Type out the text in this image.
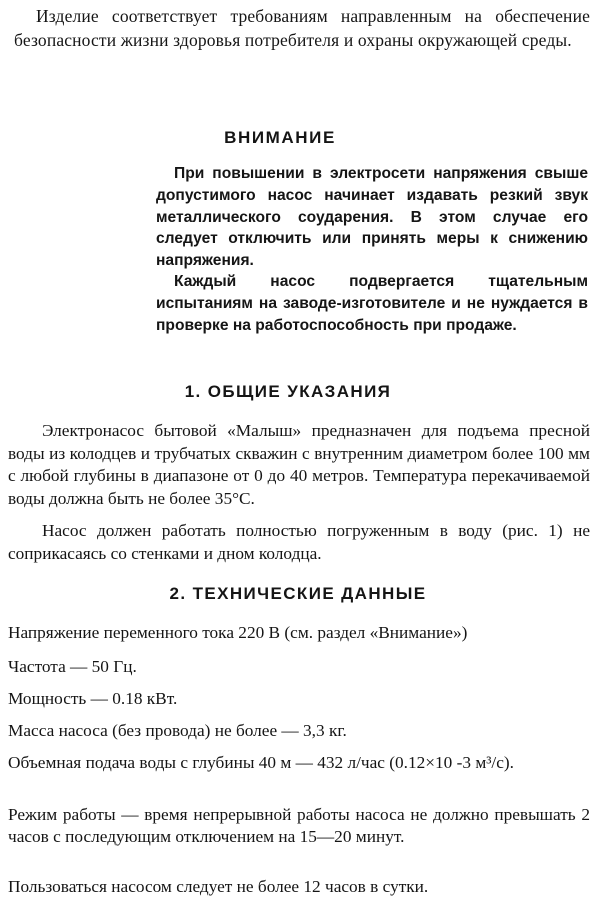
Изделие соответствует требованиям направленным на обеспечение безопасности жизни здоровья потребителя и охраны окружающей среды.

ВНИМАНИЕ

При повышении в электросети напряжения свыше допустимого насос начинает издавать резкий звук металлического соударения. В этом случае его следует отключить или принять меры к снижению напряжения.

Каждый насос подвергается тщательным испытаниям на заводе-изготовителе и не нуждается в проверке на работоспособность при продаже.

1. ОБЩИЕ УКАЗАНИЯ

Электронасос бытовой «Малыш» предназначен для подъема пресной воды из колодцев и трубчатых скважин с внутренним диаметром более 100 мм с любой глубины в диапазоне от 0 до 40 метров. Температура перекачиваемой воды должна быть не более 35°С.

Насос должен работать полностью погруженным в воду (рис. 1) не соприкасаясь со стенками и дном колодца.

2. ТЕХНИЧЕСКИЕ ДАННЫЕ

Напряжение переменного тока 220 В (см. раздел «Внимание»)

Частота — 50 Гц.

Мощность — 0.18 кВт.

Масса насоса (без провода) не более — 3,3 кг.

Объемная подача воды с глубины 40 м — 432 л/час (0.12×10 -3 м³/с).

Режим работы — время непрерывной работы насоса не должно превышать 2 часов с последующим отключением на 15—20 минут.

Пользоваться насосом следует не более 12 часов в сутки.
